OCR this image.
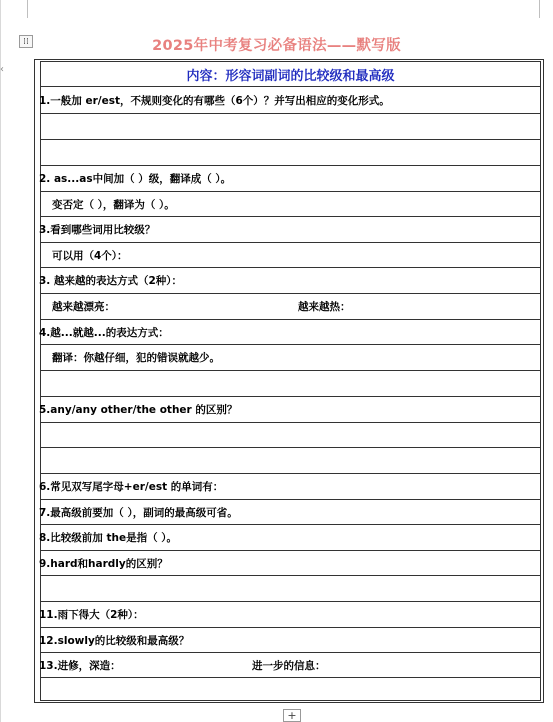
⁞⁞
‹
2025年中考复习必备语法——默写版
内容：形容词副词的比较级和最高级
1.一般加 er/est，不规则变化的有哪些（6个）？并写出相应的变化形式。
2. as...as中间加（ ）级，翻译成（ ）。
变否定（ ），翻译为（ ）。
3.看到哪些词用比较级？
可以用（4个）：
3. 越来越的表达方式（2种）：
越来越漂亮：	越来越热：
4.越...就越...的表达方式：
翻译：你越仔细，犯的错误就越少。
5.any/any other/the other 的区别？
6.常见双写尾字母+er/est 的单词有：
7.最高级前要加（ ），副词的最高级可省。
8.比较级前加 the是指（ ）。
9.hard和hardly的区别？
11.雨下得大（2种）：
12.slowly的比较级和最高级？
13.进修，深造：	进一步的信息：
+
